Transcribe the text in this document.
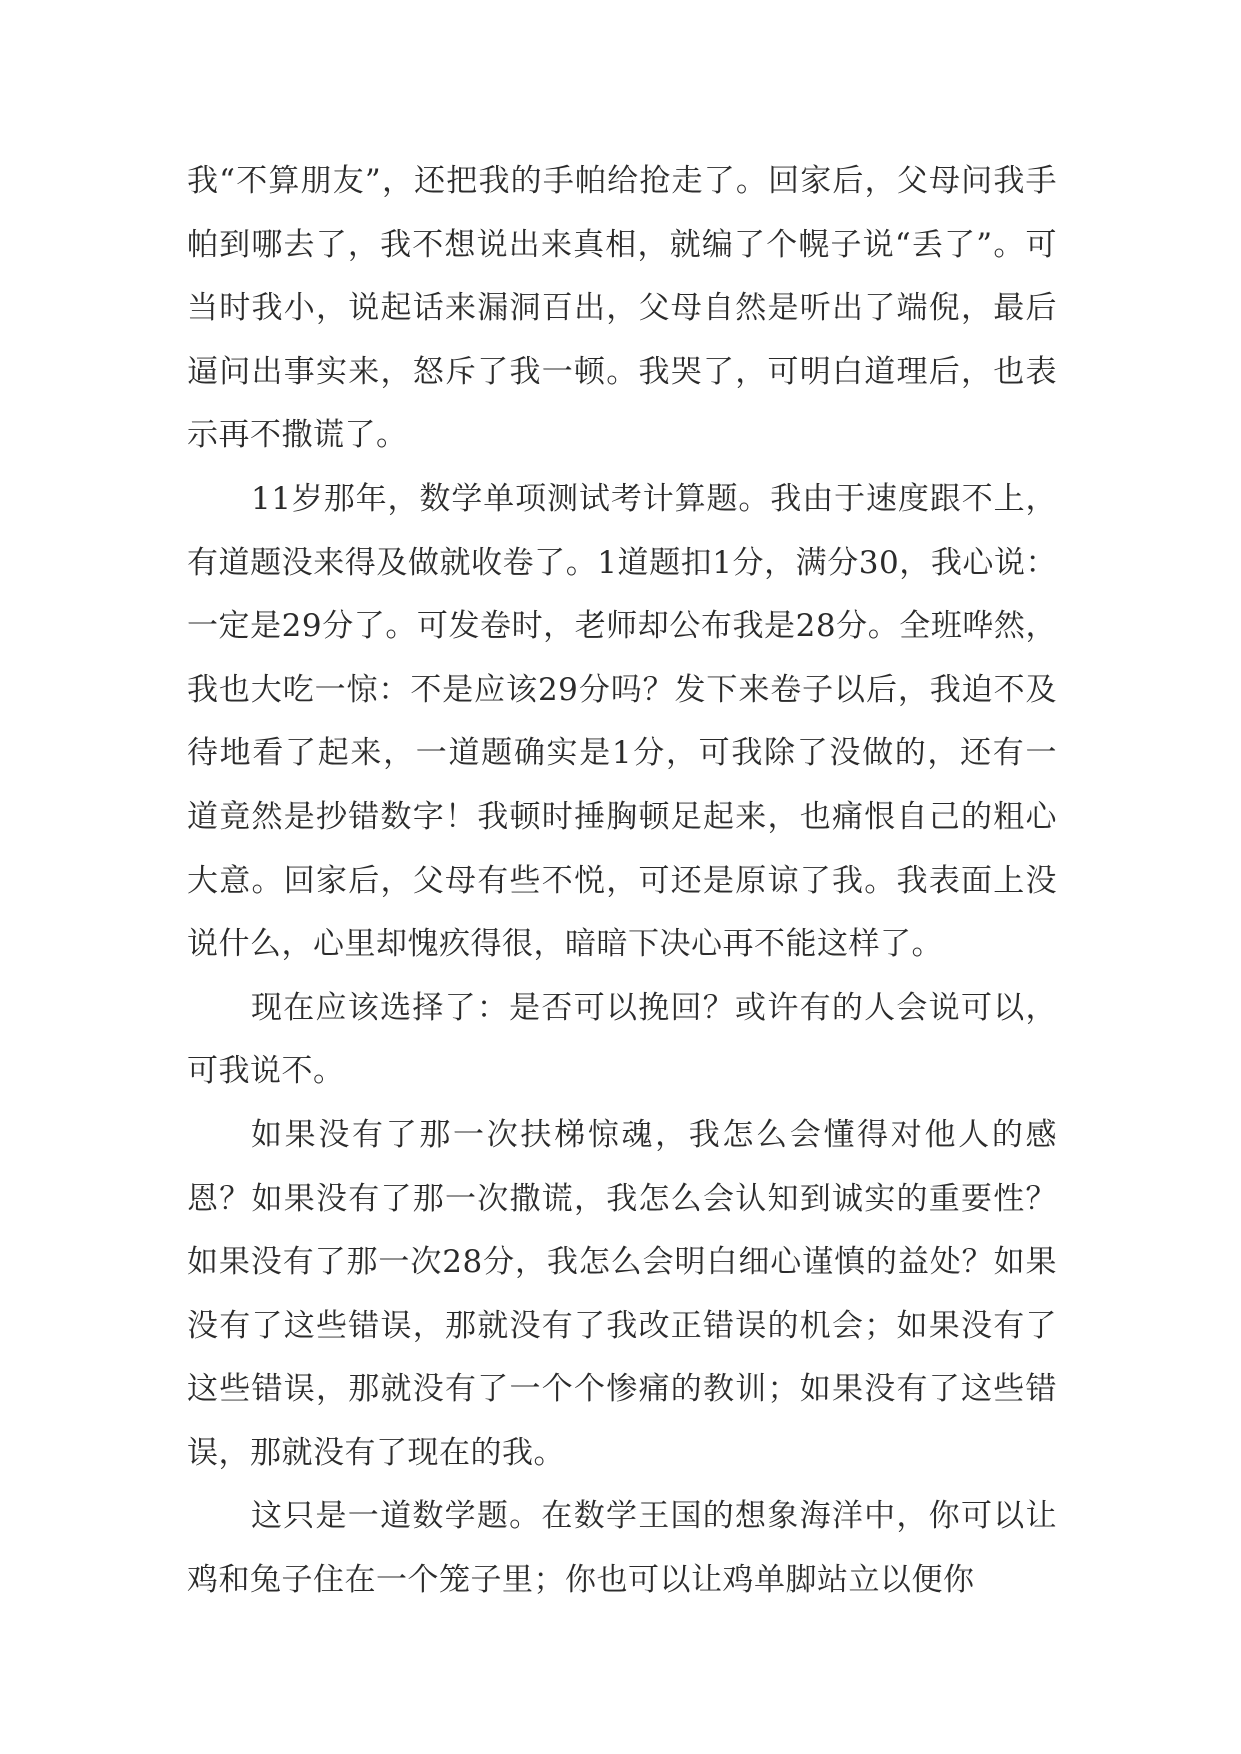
我“不算朋友”，还把我的手帕给抢走了。回家后，父母问我手帕到哪去了，我不想说出来真相，就编了个幌子说“丢了”。可当时我小，说起话来漏洞百出，父母自然是听出了端倪，最后逼问出事实来，怒斥了我一顿。我哭了，可明白道理后，也表示再不撒谎了。

11岁那年，数学单项测试考计算题。我由于速度跟不上，有道题没来得及做就收卷了。1道题扣1分，满分30，我心说：一定是29分了。可发卷时，老师却公布我是28分。全班哗然，我也大吃一惊：不是应该29分吗？发下来卷子以后，我迫不及待地看了起来，一道题确实是1分，可我除了没做的，还有一道竟然是抄错数字！我顿时捶胸顿足起来，也痛恨自己的粗心大意。回家后，父母有些不悦，可还是原谅了我。我表面上没说什么，心里却愧疚得很，暗暗下决心再不能这样了。

现在应该选择了：是否可以挽回？或许有的人会说可以，可我说不。

如果没有了那一次扶梯惊魂，我怎么会懂得对他人的感恩？如果没有了那一次撒谎，我怎么会认知到诚实的重要性？如果没有了那一次28分，我怎么会明白细心谨慎的益处？如果没有了这些错误，那就没有了我改正错误的机会；如果没有了这些错误，那就没有了一个个惨痛的教训；如果没有了这些错误，那就没有了现在的我。

这只是一道数学题。在数学王国的想象海洋中，你可以让鸡和兔子住在一个笼子里；你也可以让鸡单脚站立以便你
